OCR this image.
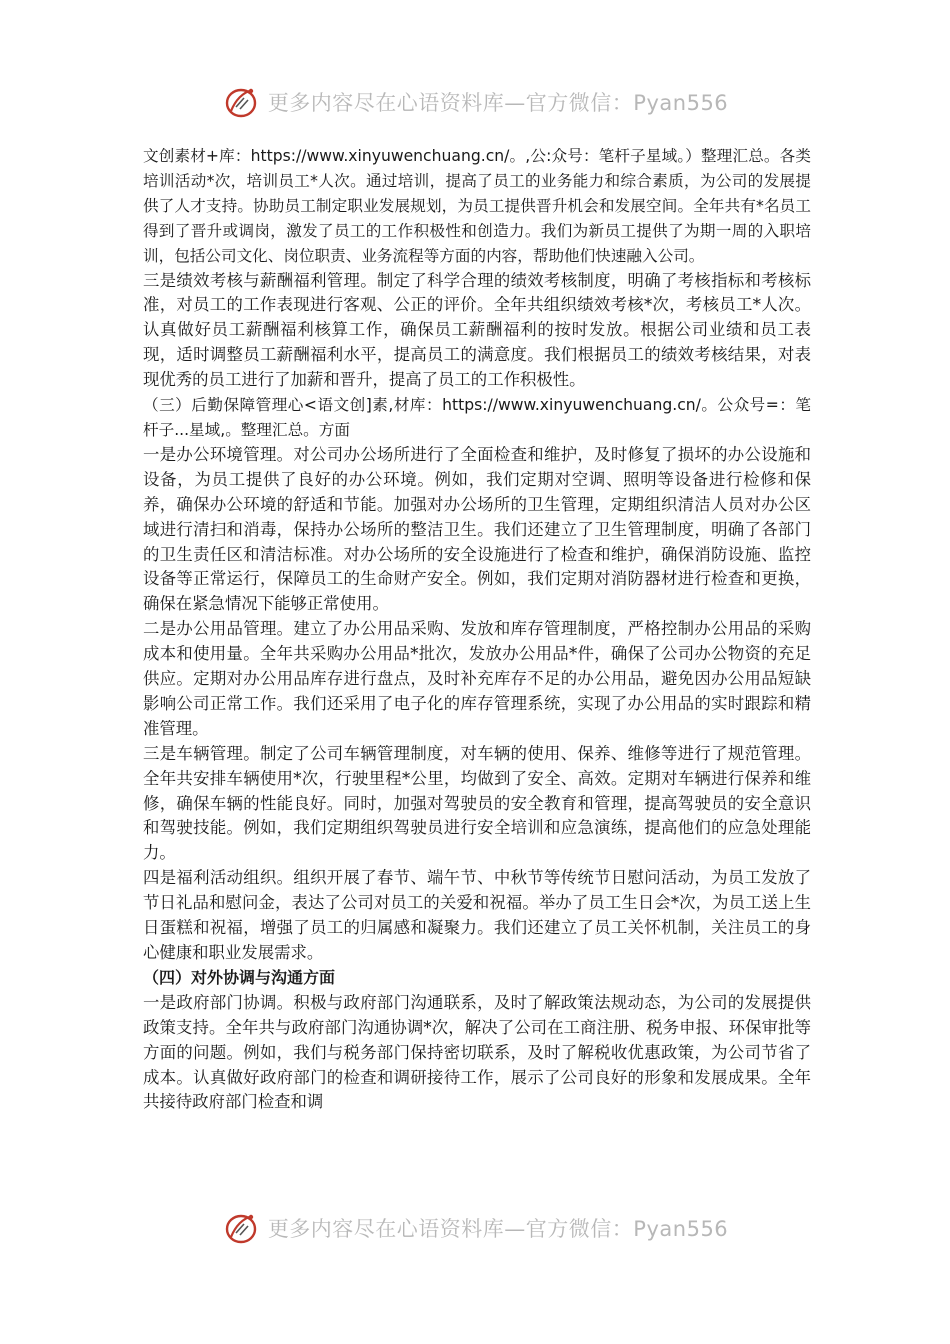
更多内容尽在心语资料库—官方微信：Pyan556

文创素材+库：https://www.xinyuwenchuang.cn/。,公:众号：笔杆子星域。）整理汇总。各类培训活动*次，培训员工*人次。通过培训，提高了员工的业务能力和综合素质，为公司的发展提供了人才支持。协助员工制定职业发展规划，为员工提供晋升机会和发展空间。全年共有*名员工得到了晋升或调岗，激发了员工的工作积极性和创造力。我们为新员工提供了为期一周的入职培训，包括公司文化、岗位职责、业务流程等方面的内容，帮助他们快速融入公司。

三是绩效考核与薪酬福利管理。制定了科学合理的绩效考核制度，明确了考核指标和考核标准，对员工的工作表现进行客观、公正的评价。全年共组织绩效考核*次，考核员工*人次。认真做好员工薪酬福利核算工作，确保员工薪酬福利的按时发放。根据公司业绩和员工表现，适时调整员工薪酬福利水平，提高员工的满意度。我们根据员工的绩效考核结果，对表现优秀的员工进行了加薪和晋升，提高了员工的工作积极性。

（三）后勤保障管理心<语文创]素,材库：https://www.xinyuwenchuang.cn/。公众号=：笔杆子...星域,。整理汇总。方面

一是办公环境管理。对公司办公场所进行了全面检查和维护，及时修复了损坏的办公设施和设备，为员工提供了良好的办公环境。例如，我们定期对空调、照明等设备进行检修和保养，确保办公环境的舒适和节能。加强对办公场所的卫生管理，定期组织清洁人员对办公区域进行清扫和消毒，保持办公场所的整洁卫生。我们还建立了卫生管理制度，明确了各部门的卫生责任区和清洁标准。对办公场所的安全设施进行了检查和维护，确保消防设施、监控设备等正常运行，保障员工的生命财产安全。例如，我们定期对消防器材进行检查和更换，确保在紧急情况下能够正常使用。

二是办公用品管理。建立了办公用品采购、发放和库存管理制度，严格控制办公用品的采购成本和使用量。全年共采购办公用品*批次，发放办公用品*件，确保了公司办公物资的充足供应。定期对办公用品库存进行盘点，及时补充库存不足的办公用品，避免因办公用品短缺影响公司正常工作。我们还采用了电子化的库存管理系统，实现了办公用品的实时跟踪和精准管理。

三是车辆管理。制定了公司车辆管理制度，对车辆的使用、保养、维修等进行了规范管理。全年共安排车辆使用*次，行驶里程*公里，均做到了安全、高效。定期对车辆进行保养和维修，确保车辆的性能良好。同时，加强对驾驶员的安全教育和管理，提高驾驶员的安全意识和驾驶技能。例如，我们定期组织驾驶员进行安全培训和应急演练，提高他们的应急处理能力。

四是福利活动组织。组织开展了春节、端午节、中秋节等传统节日慰问活动，为员工发放了节日礼品和慰问金，表达了公司对员工的关爱和祝福。举办了员工生日会*次，为员工送上生日蛋糕和祝福，增强了员工的归属感和凝聚力。我们还建立了员工关怀机制，关注员工的身心健康和职业发展需求。

（四）对外协调与沟通方面

一是政府部门协调。积极与政府部门沟通联系，及时了解政策法规动态，为公司的发展提供政策支持。全年共与政府部门沟通协调*次，解决了公司在工商注册、税务申报、环保审批等方面的问题。例如，我们与税务部门保持密切联系，及时了解税收优惠政策，为公司节省了成本。认真做好政府部门的检查和调研接待工作，展示了公司良好的形象和发展成果。全年共接待政府部门检查和调

更多内容尽在心语资料库—官方微信：Pyan556
